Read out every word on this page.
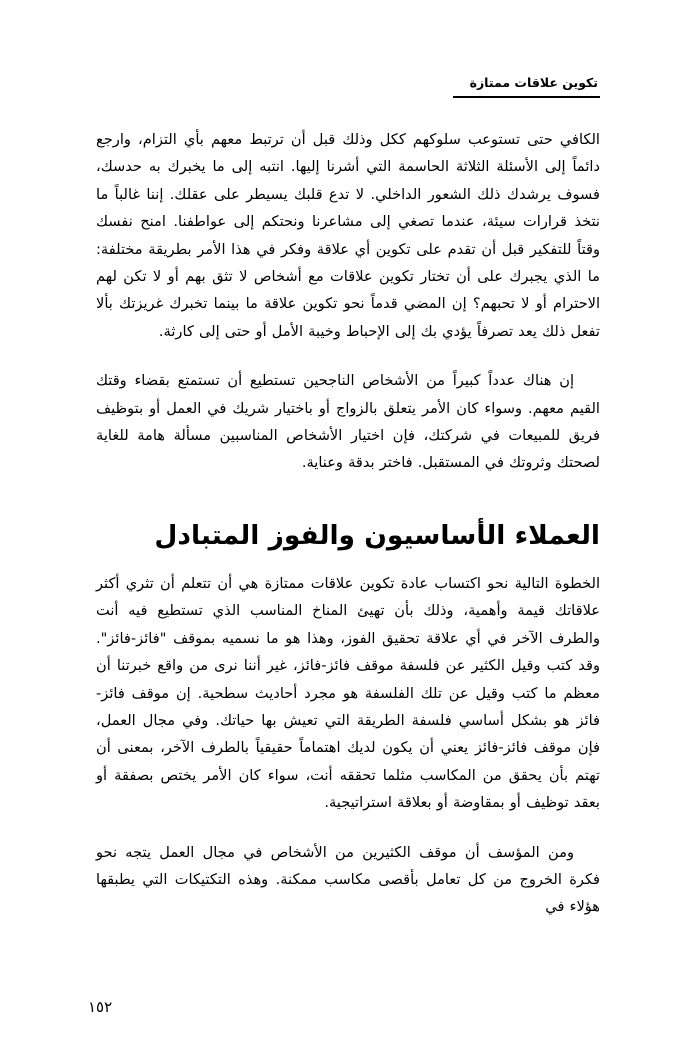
تكوين علاقات ممتازة

الكافي حتى تستوعب سلوكهم ككل وذلك قبل أن ترتبط معهم بأي التزام، وارجع دائماً إلى الأسئلة الثلاثة الحاسمة التي أشرنا إليها. انتبه إلى ما يخبرك به حدسك، فسوف يرشدك ذلك الشعور الداخلي. لا تدع قلبك يسيطر على عقلك. إننا غالباً ما نتخذ قرارات سيئة، عندما تصغي إلى مشاعرنا ونحتكم إلى عواطفنا. امنح نفسك وقتاً للتفكير قبل أن تقدم على تكوين أي علاقة وفكر في هذا الأمر بطريقة مختلفة: ما الذي يجبرك على أن تختار تكوين علاقات مع أشخاص لا تثق بهم أو لا تكن لهم الاحترام أو لا تحبهم؟ إن المضي قدماً نحو تكوين علاقة ما بينما تخبرك غريزتك بألا تفعل ذلك يعد تصرفاً يؤدي بك إلى الإحباط وخيبة الأمل أو حتى إلى كارثة.

إن هناك عدداً كبيراً من الأشخاص الناجحين تستطيع أن تستمتع بقضاء وقتك القيم معهم. وسواء كان الأمر يتعلق بالزواج أو باختيار شريك في العمل أو بتوظيف فريق للمبيعات في شركتك، فإن اختيار الأشخاص المناسبين مسألة هامة للغاية لصحتك وثروتك في المستقبل. فاختر بدقة وعناية.

العملاء الأساسيون والفوز المتبادل

الخطوة التالية نحو اكتساب عادة تكوين علاقات ممتازة هي أن تتعلم أن تثري أكثر علاقاتك قيمة وأهمية، وذلك بأن تهيئ المناخ المناسب الذي تستطيع فيه أنت والطرف الآخر في أي علاقة تحقيق الفوز، وهذا هو ما نسميه بموقف "فائز-فائز". وقد كتب وقيل الكثير عن فلسفة موقف فائز-فائز، غير أننا نرى من واقع خبرتنا أن معظم ما كتب وقيل عن تلك الفلسفة هو مجرد أحاديث سطحية. إن موقف فائز-فائز هو بشكل أساسي فلسفة الطريقة التي تعيش بها حياتك. وفي مجال العمل، فإن موقف فائز-فائز يعني أن يكون لديك اهتماماً حقيقياً بالطرف الآخر، بمعنى أن تهتم بأن يحقق من المكاسب مثلما تحققه أنت، سواء كان الأمر يختص بصفقة أو بعقد توظيف أو بمقاوضة أو بعلاقة استراتيجية.

ومن المؤسف أن موقف الكثيرين من الأشخاص في مجال العمل يتجه نحو فكرة الخروج من كل تعامل بأقصى مكاسب ممكنة. وهذه التكتيكات التي يطبقها هؤلاء في

١٥٢
